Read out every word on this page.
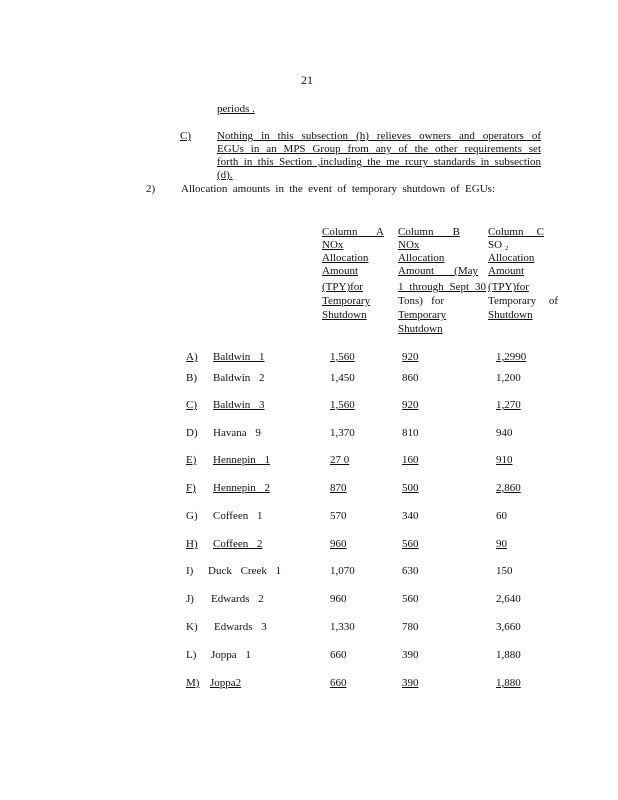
21
periods .
C) Nothing in this subsection (h) relieves owners and operators of
EGUs in an MPS Group from any of the other requirements set
forth in this Section ,including the me rcury standards in subsection
(d).
2) Allocation amounts in the event of temporary shutdown of EGUs:
Column A
NOx
Allocation
Amount
(TPY)for
Temporary
Shutdown
Column B
NOx
Allocation
Amount (May
1 through Sept 30
Tons) for
Temporary
Shutdown
Column C
SO ₂
Allocation
Amount
(TPY)for
Temporary of
Shutdown
A) Baldwin 1	1,560	920	1,2990
B) Baldwin 2	1,450	860	1,200
C) Baldwin 3	1,560	920	1,270
D) Havana 9	1,370	810	940
E) Hennepin 1	27 0	160	910
F) Hennepin 2	870	500	2,860
G) Coffeen 1	570	340	60
H) Coffeen 2	960	560	90
I) Duck Creek 1	1,070	630	150
J) Edwards 2	960	560	2,640
K) Edwards 3	1,330	780	3,660
L) Joppa 1	660	390	1,880
M) Joppa2	660	390	1,880
